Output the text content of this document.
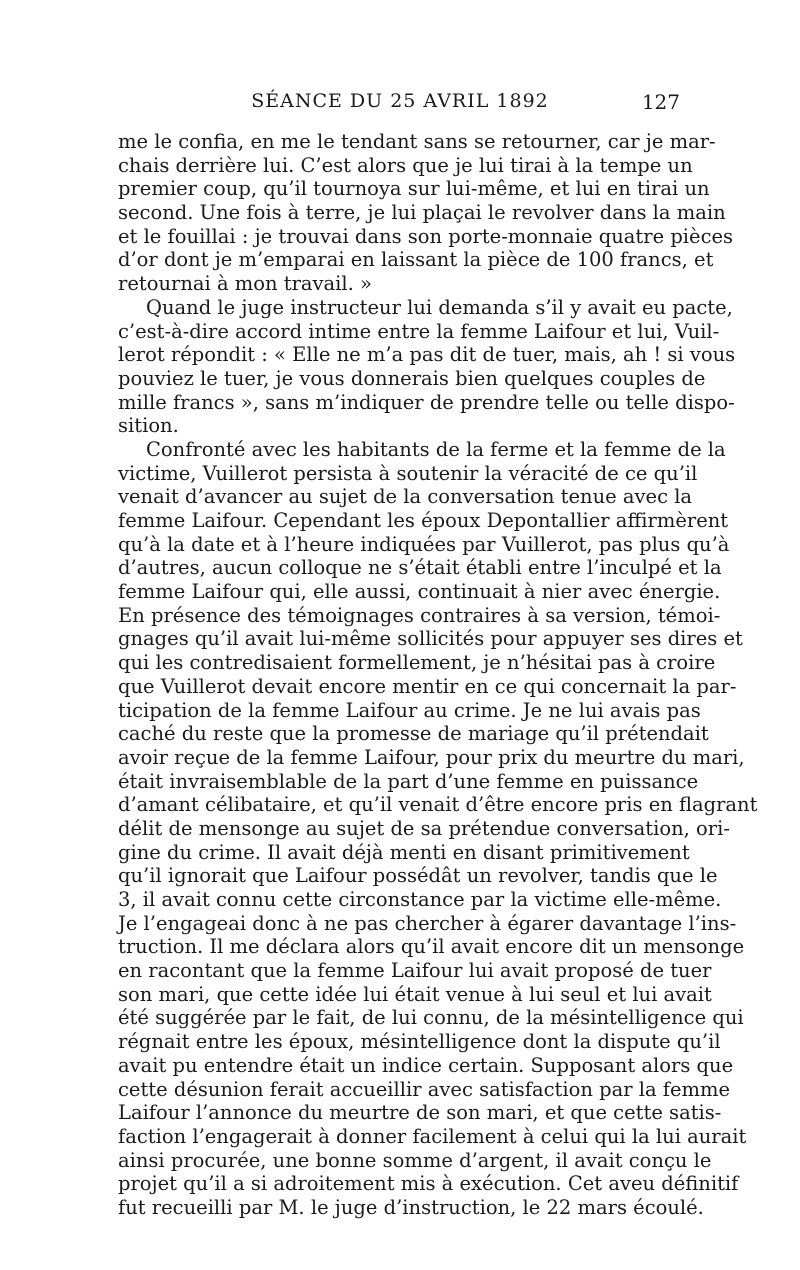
SÉANCE DU 25 AVRIL 1892	127
me le confia, en me le tendant sans se retourner, car je mar-
chais derrière lui. C’est alors que je lui tirai à la tempe un
premier coup, qu’il tournoya sur lui-même, et lui en tirai un
second. Une fois à terre, je lui plaçai le revolver dans la main
et le fouillai : je trouvai dans son porte-monnaie quatre pièces
d’or dont je m’emparai en laissant la pièce de 100 francs, et
retournai à mon travail. »
Quand le juge instructeur lui demanda s’il y avait eu pacte,
c’est-à-dire accord intime entre la femme Laifour et lui, Vuil-
lerot répondit : « Elle ne m’a pas dit de tuer, mais, ah ! si vous
pouviez le tuer, je vous donnerais bien quelques couples de
mille francs », sans m’indiquer de prendre telle ou telle dispo-
sition.
Confronté avec les habitants de la ferme et la femme de la
victime, Vuillerot persista à soutenir la véracité de ce qu’il
venait d’avancer au sujet de la conversation tenue avec la
femme Laifour. Cependant les époux Depontallier affirmèrent
qu’à la date et à l’heure indiquées par Vuillerot, pas plus qu’à
d’autres, aucun colloque ne s’était établi entre l’inculpé et la
femme Laifour qui, elle aussi, continuait à nier avec énergie.
En présence des témoignages contraires à sa version, témoi-
gnages qu’il avait lui-même sollicités pour appuyer ses dires et
qui les contredisaient formellement, je n’hésitai pas à croire
que Vuillerot devait encore mentir en ce qui concernait la par-
ticipation de la femme Laifour au crime. Je ne lui avais pas
caché du reste que la promesse de mariage qu’il prétendait
avoir reçue de la femme Laifour, pour prix du meurtre du mari,
était invraisemblable de la part d’une femme en puissance
d’amant célibataire, et qu’il venait d’être encore pris en flagrant
délit de mensonge au sujet de sa prétendue conversation, ori-
gine du crime. Il avait déjà menti en disant primitivement
qu’il ignorait que Laifour possédât un revolver, tandis que le
3, il avait connu cette circonstance par la victime elle-même.
Je l’engageai donc à ne pas chercher à égarer davantage l’ins-
truction. Il me déclara alors qu’il avait encore dit un mensonge
en racontant que la femme Laifour lui avait proposé de tuer
son mari, que cette idée lui était venue à lui seul et lui avait
été suggérée par le fait, de lui connu, de la mésintelligence qui
régnait entre les époux, mésintelligence dont la dispute qu’il
avait pu entendre était un indice certain. Supposant alors que
cette désunion ferait accueillir avec satisfaction par la femme
Laifour l’annonce du meurtre de son mari, et que cette satis-
faction l’engagerait à donner facilement à celui qui la lui aurait
ainsi procurée, une bonne somme d’argent, il avait conçu le
projet qu’il a si adroitement mis à exécution. Cet aveu définitif
fut recueilli par M. le juge d’instruction, le 22 mars écoulé.
